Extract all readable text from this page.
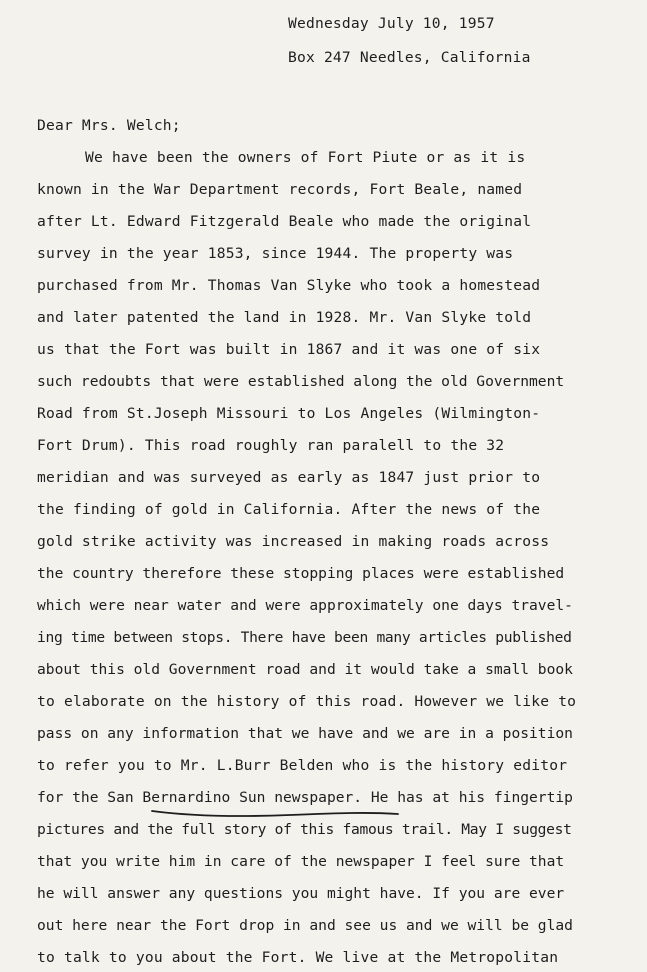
Wednesday July 10, 1957
Box 247 Needles, California
Dear Mrs. Welch;
We have been the owners of Fort Piute or as it is
known in the War Department records, Fort Beale, named
after Lt. Edward Fitzgerald Beale who made the original
survey in the year 1853, since 1944. The property was
purchased from Mr. Thomas Van Slyke who took a homestead
and later patented the land in 1928. Mr. Van Slyke told
us that the Fort was built in 1867 and it was one of six
such redoubts that were established along the old Government
Road from St.Joseph Missouri to Los Angeles (Wilmington-
Fort Drum). This road roughly ran paralell to the 32
meridian and was surveyed as early as 1847 just prior to
the finding of gold in California. After the news of the
gold strike activity was increased in making roads across
the country therefore these stopping places were established
which were near water and were approximately one days travel-
ing time between stops. There have been many articles published
about this old Government road and it would take a small book
to elaborate on the history of this road. However we like to
pass on any information that we have and we are in a position
to refer you to Mr. L.Burr Belden who is the history editor
for the San Bernardino Sun newspaper. He has at his fingertip
pictures and the full story of this famous trail. May I suggest
that you write him in care of the newspaper I feel sure that
he will answer any questions you might have. If you are ever
out here near the Fort drop in and see us and we will be glad
to talk to you about the Fort. We live at the Metropolitan
